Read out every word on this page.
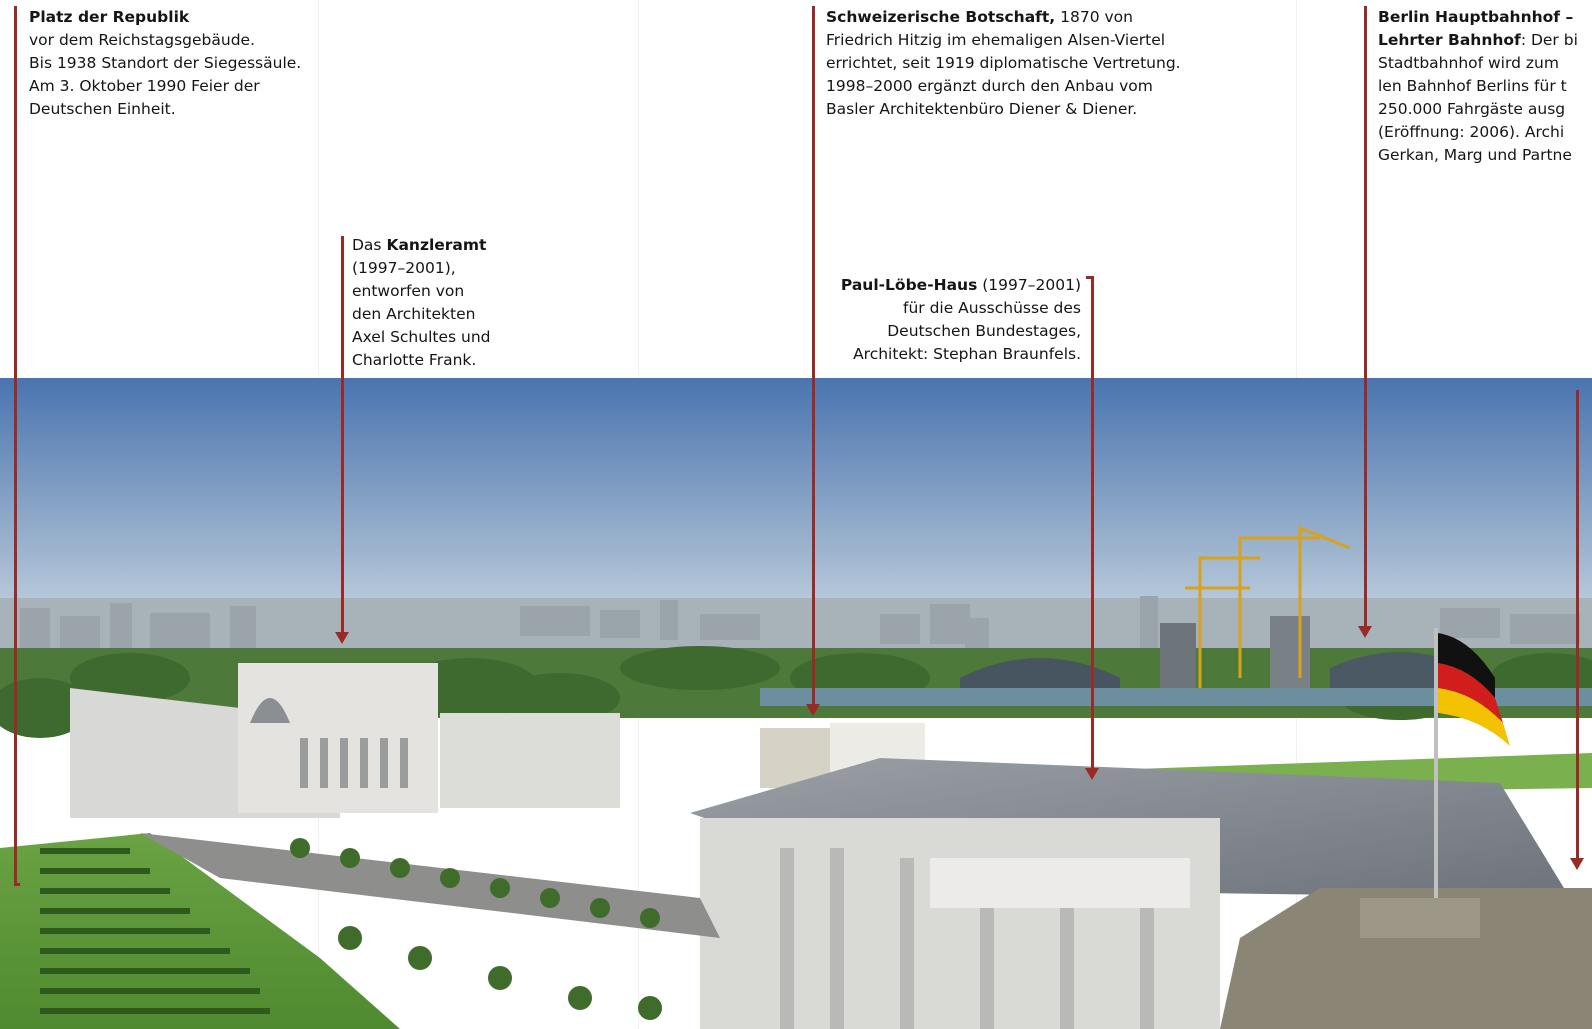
Platz der Republik
vor dem Reichstagsgebäude.
Bis 1938 Standort der Siegessäule.
Am 3. Oktober 1990 Feier der
Deutschen Einheit.
Das Kanzleramt
(1997–2001),
entworfen von
den Architekten
Axel Schultes und
Charlotte Frank.
Schweizerische Botschaft, 1870 von
Friedrich Hitzig im ehemaligen Alsen-Viertel
errichtet, seit 1919 diplomatische Vertretung.
1998–2000 ergänzt durch den Anbau vom
Basler Architektenbüro Diener & Diener.
Paul-Löbe-Haus (1997–2001)
für die Ausschüsse des
Deutschen Bundestages,
Architekt: Stephan Braunfels.
Berlin Hauptbahnhof –
Lehrter Bahnhof: Der bi
Stadtbahnhof wird zum
len Bahnhof Berlins für t
250.000 Fahrgäste ausg
(Eröffnung: 2006). Archi
Gerkan, Marg und Partne
